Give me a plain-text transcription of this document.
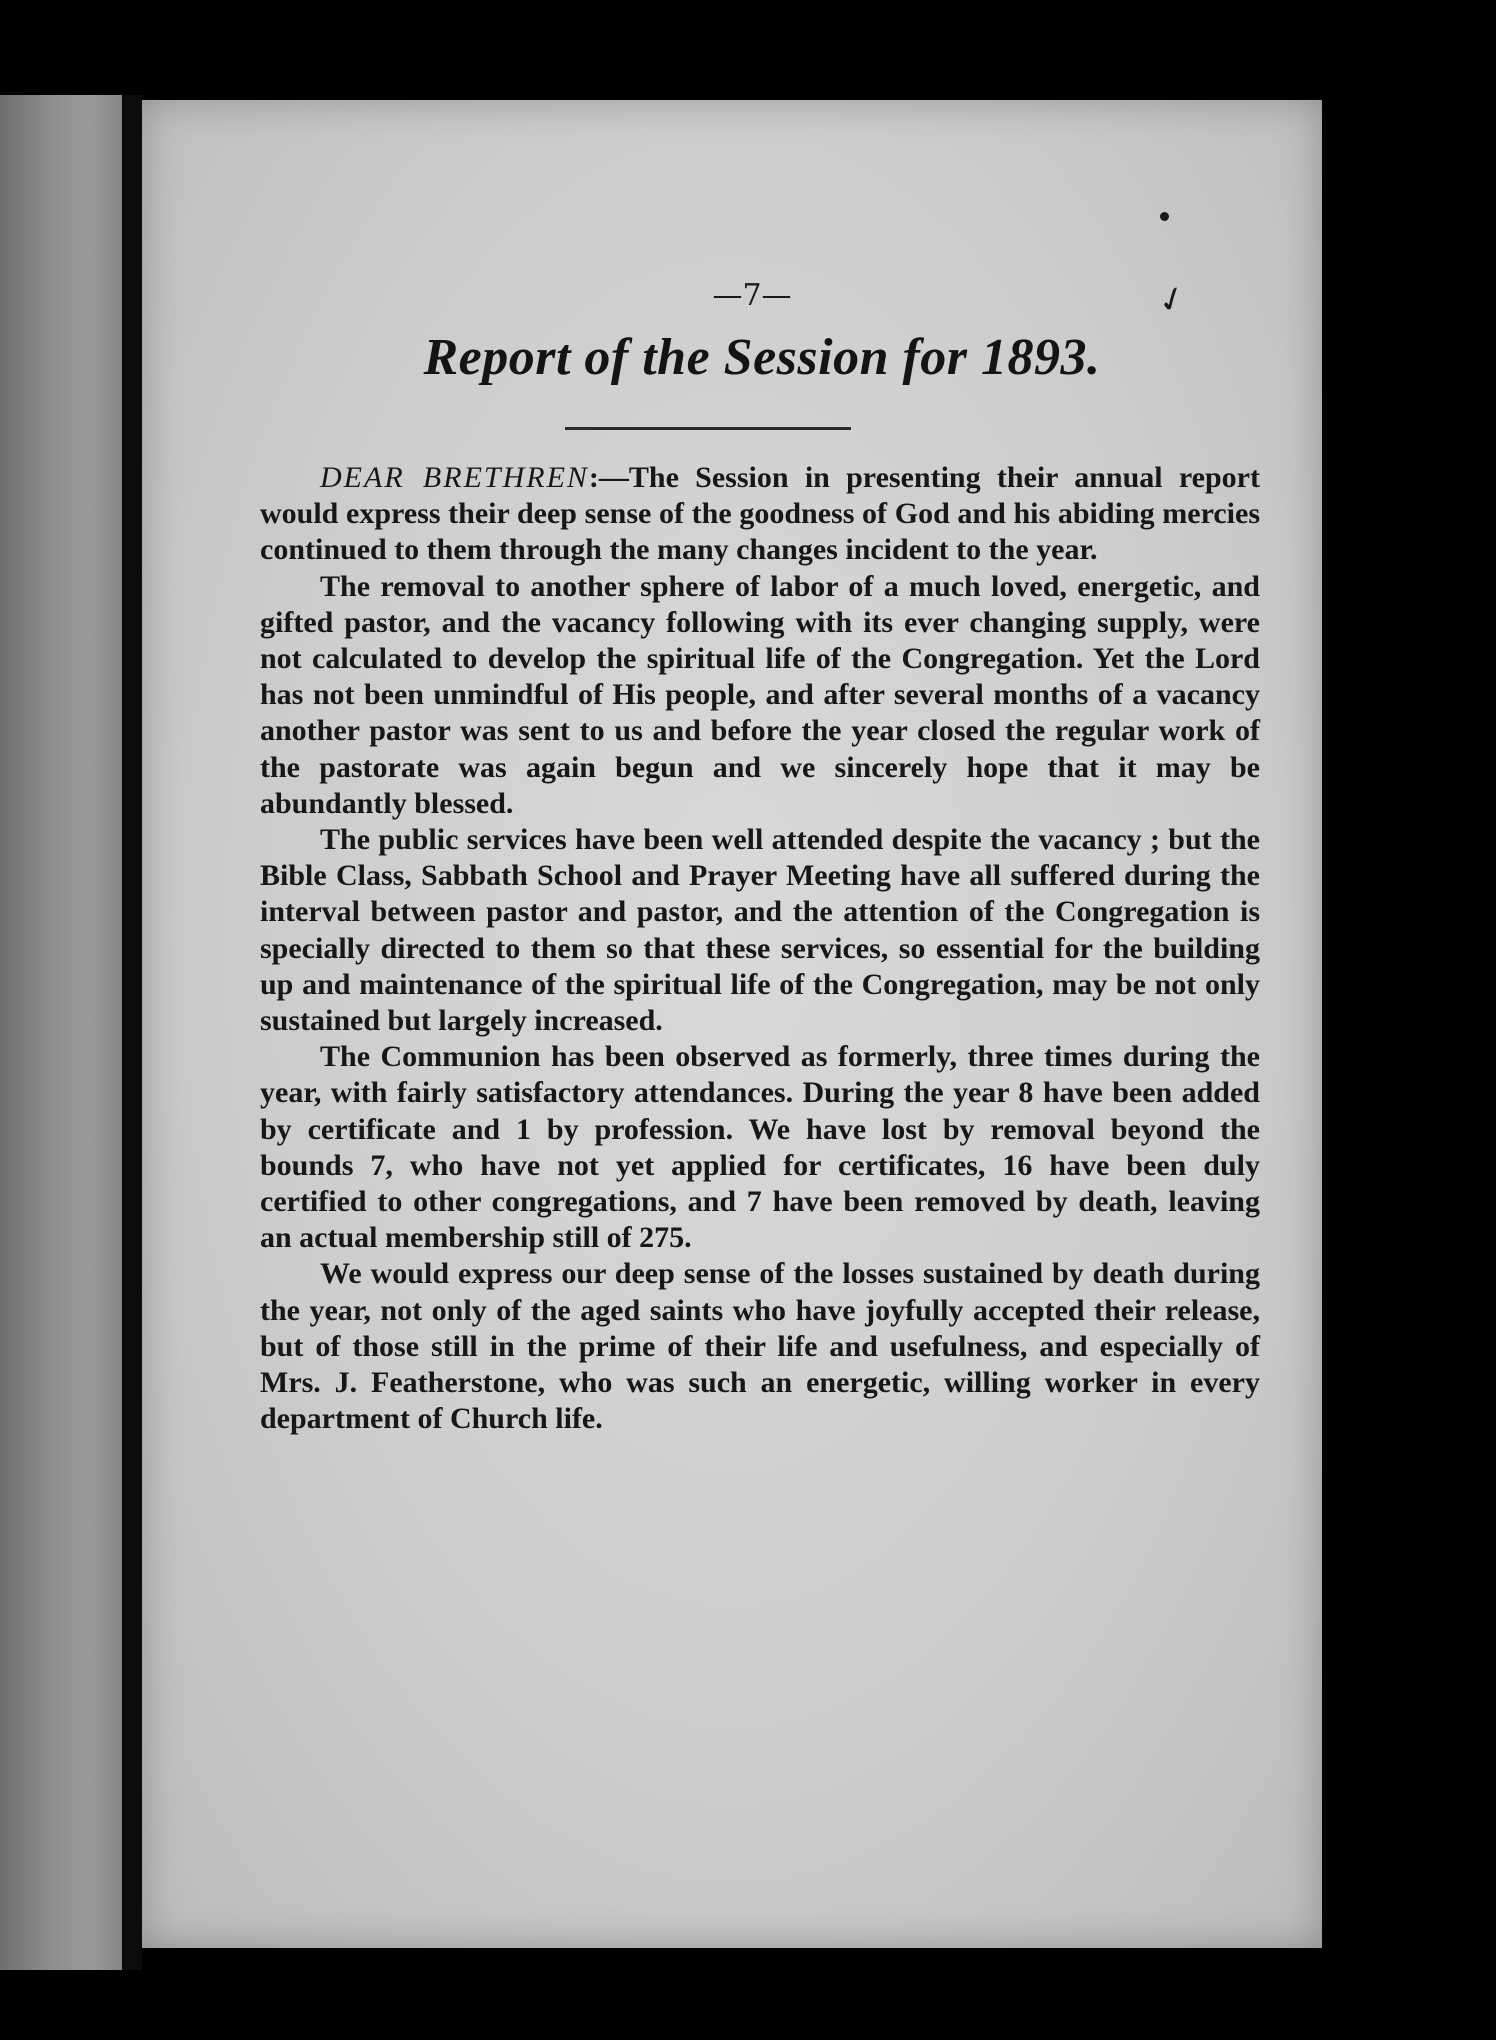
✓
—7—
Report of the Session for 1893.

DEAR BRETHREN:—The Session in presenting their annual report would express their deep sense of the goodness of God and his abiding mercies continued to them through the many changes incident to the year.

The removal to another sphere of labor of a much loved, energetic, and gifted pastor, and the vacancy following with its ever changing supply, were not calculated to develop the spiritual life of the Congregation. Yet the Lord has not been unmindful of His people, and after several months of a vacancy another pastor was sent to us and before the year closed the regular work of the pastorate was again begun and we sincerely hope that it may be abundantly blessed.

The public services have been well attended despite the vacancy ; but the Bible Class, Sabbath School and Prayer Meeting have all suffered during the interval between pastor and pastor, and the attention of the Congregation is specially directed to them so that these services, so essential for the building up and maintenance of the spiritual life of the Congregation, may be not only sustained but largely increased.

The Communion has been observed as formerly, three times during the year, with fairly satisfactory attendances. During the year 8 have been added by certificate and 1 by profession. We have lost by removal beyond the bounds 7, who have not yet applied for certificates, 16 have been duly certified to other congregations, and 7 have been removed by death, leaving an actual membership still of 275.

We would express our deep sense of the losses sustained by death during the year, not only of the aged saints who have joyfully accepted their release, but of those still in the prime of their life and usefulness, and especially of Mrs. J. Featherstone, who was such an energetic, willing worker in every department of Church life.
